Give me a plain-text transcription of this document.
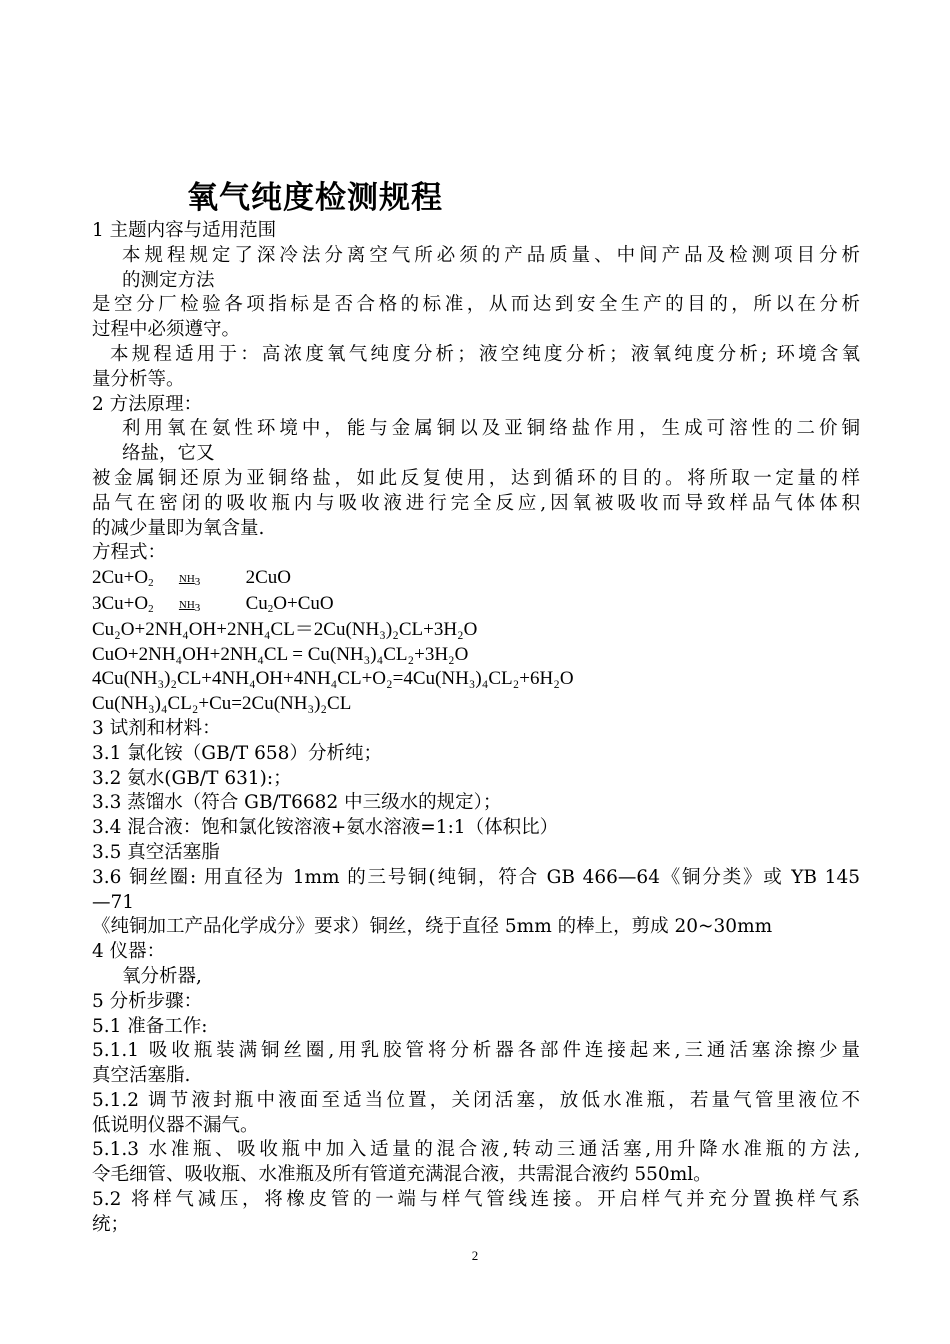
氧气纯度检测规程
1 主题内容与适用范围
本规程规定了深冷法分离空气所必须的产品质量、中间产品及检测项目分析
的测定方法
是空分厂检验各项指标是否合格的标准，从而达到安全生产的目的，所以在分析
过程中必须遵守。
本规程适用于：高浓度氧气纯度分析；液空纯度分析；液氧纯度分析; 环境含氧
量分析等。
2 方法原理：
利用氧在氨性环境中，能与金属铜以及亚铜络盐作用，生成可溶性的二价铜
络盐，它又
被金属铜还原为亚铜络盐，如此反复使用，达到循环的目的。将所取一定量的样
品气在密闭的吸收瓶内与吸收液进行完全反应,因氧被吸收而导致样品气体体积
的减少量即为氧含量.
方程式：
$2Cu+O_2$ $NH_3$ 2CuO
$3Cu+O_2$ $NH_3$ $Cu_2O+CuO$
Cu₂O+2NH₄OH+2NH₄CL＝2Cu(NH₃)₂CL+3H₂O
CuO+2NH₄OH+2NH₄CL = Cu(NH₃)₄CL₂+3H₂O
4Cu(NH₃)₂CL+4NH₄OH+4NH₄CL+O₂=4Cu(NH₃)₄CL₂+6H₂O
Cu(NH₃)₄CL₂+Cu=2Cu(NH₃)₂CL
3 试剂和材料：
3.1 氯化铵（GB/T 658）分析纯；
3.2 氨水(GB/T 631):；
3.3 蒸馏水（符合 GB/T6682 中三级水的规定）；
3.4 混合液：饱和氯化铵溶液+氨水溶液=1:1（体积比）
3.5 真空活塞脂
3.6 铜丝圈: 用直径为 1mm 的三号铜(纯铜，符合 GB 466—64《铜分类》或 YB 145
—71
《纯铜加工产品化学成分》要求）铜丝，绕于直径 5mm 的棒上，剪成 20~30mm
4 仪器：
氧分析器,
5 分析步骤：
5.1 准备工作:
5.1.1 吸收瓶装满铜丝圈,用乳胶管将分析器各部件连接起来,三通活塞涂擦少量
真空活塞脂.
5.1.2 调节液封瓶中液面至适当位置，关闭活塞，放低水准瓶，若量气管里液位不
低说明仪器不漏气。
5.1.3 水准瓶、吸收瓶中加入适量的混合液,转动三通活塞,用升降水准瓶的方法,
令毛细管、吸收瓶、水准瓶及所有管道充满混合液，共需混合液约 550ml。
5.2 将样气减压，将橡皮管的一端与样气管线连接。开启样气并充分置换样气系
统；
2
